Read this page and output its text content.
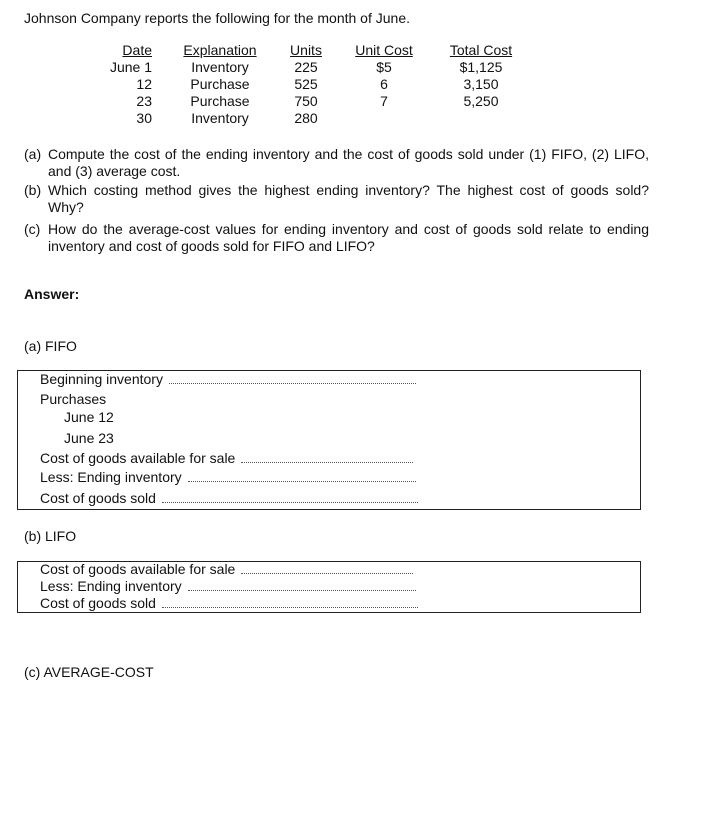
Johnson Company reports the following for the month of June.
Date	Explanation	Units	Unit Cost	Total Cost
June 1	Inventory	225	$5	$1,125
12	Purchase	525	6	3,150
23	Purchase	750	7	5,250
30	Inventory	280		
(a) Compute the cost of the ending inventory and the cost of goods sold under (1) FIFO, (2) LIFO, and (3) average cost.
(b) Which costing method gives the highest ending inventory? The highest cost of goods sold? Why?
(c) How do the average-cost values for ending inventory and cost of goods sold relate to ending inventory and cost of goods sold for FIFO and LIFO?
Answer:
(a) FIFO
Beginning inventory
Purchases
June 12
June 23
Cost of goods available for sale
Less: Ending inventory
Cost of goods sold
(b) LIFO
Cost of goods available for sale
Less: Ending inventory
Cost of goods sold
(c) AVERAGE-COST
